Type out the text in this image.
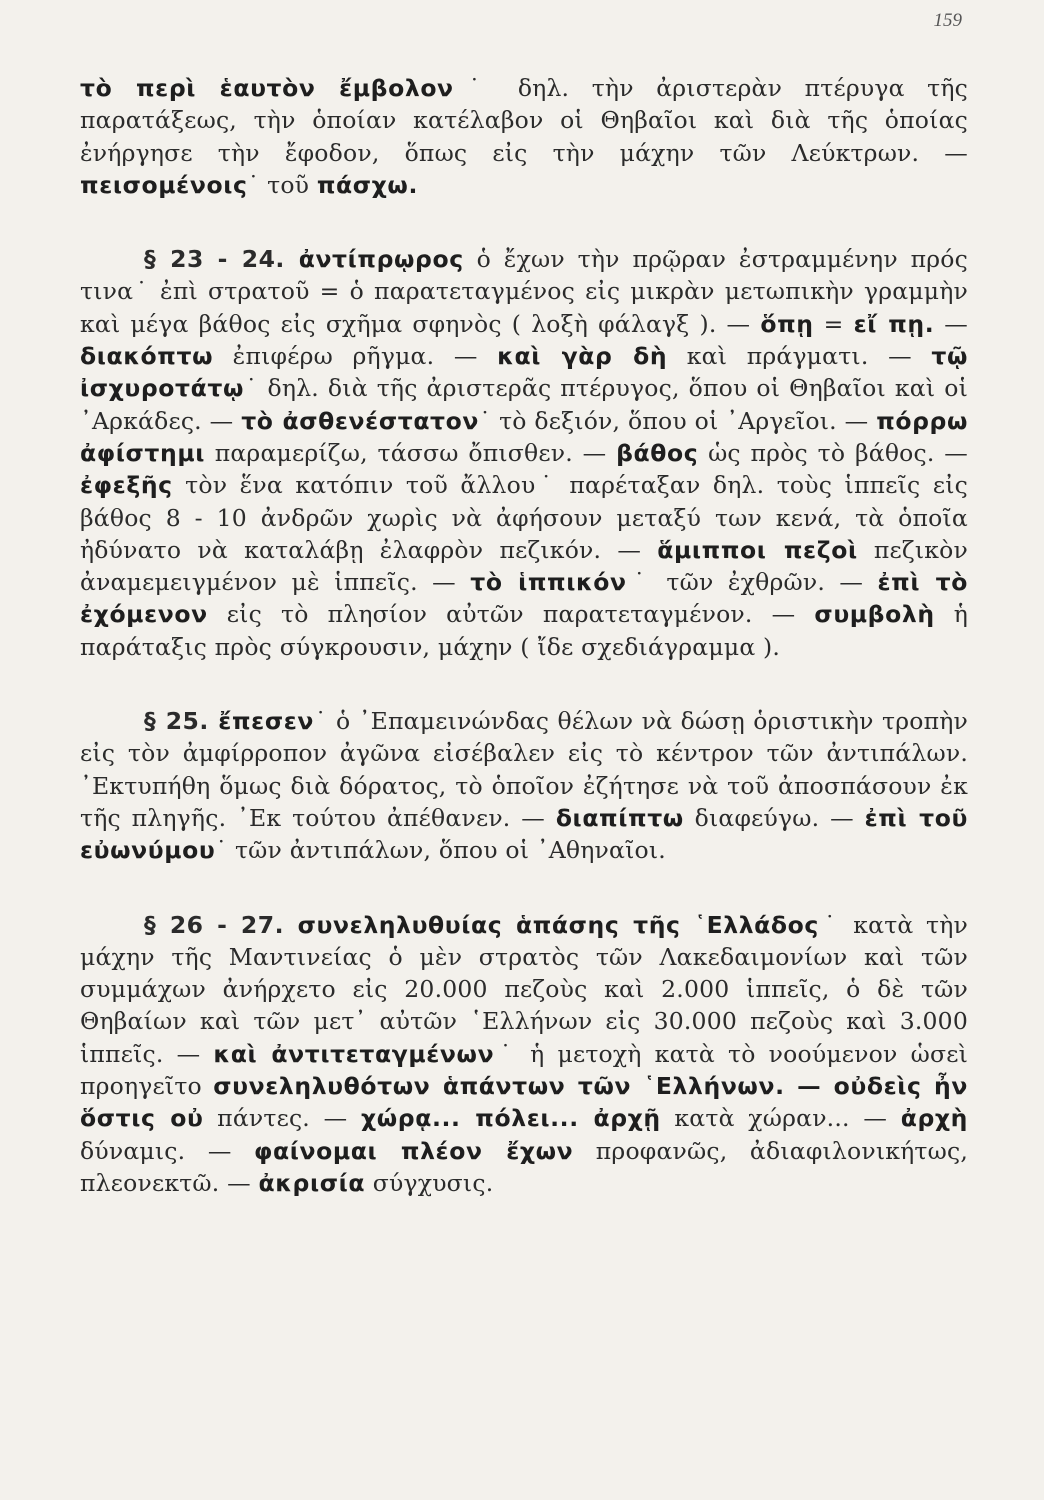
159

τὸ περὶ ἑαυτὸν ἔμβολον˙ δηλ. τὴν ἀριστερὰν πτέρυγα τῆς παρατάξεως, τὴν ὁποίαν κατέλαβον οἱ Θηβαῖοι καὶ διὰ τῆς ὁποίας ἐνήργησε τὴν ἔφοδον, ὅπως εἰς τὴν μάχην τῶν Λεύκτρων. — πεισομένοις˙ τοῦ πάσχω.

§ 23 - 24. ἀντίπρῳρος ὁ ἔχων τὴν πρῷραν ἐστραμμένην πρός τινα˙ ἐπὶ στρατοῦ = ὁ παρατεταγμένος εἰς μικρὰν μετωπικὴν γραμμὴν καὶ μέγα βάθος εἰς σχῆμα σφηνὸς ( λοξὴ φάλαγξ ). — ὅπῃ = εἴ πῃ. — διακόπτω ἐπιφέρω ρῆγμα. — καὶ γὰρ δὴ καὶ πράγματι. — τῷ ἰσχυροτάτῳ˙ δηλ. διὰ τῆς ἀριστερᾶς πτέρυγος, ὅπου οἱ Θηβαῖοι καὶ οἱ ᾿Αρκάδες. — τὸ ἀσθενέστατον˙ τὸ δεξιόν, ὅπου οἱ ᾿Αργεῖοι. — πόρρω ἀφίστημι παραμερίζω, τάσσω ὄπισθεν. — βάθος ὡς πρὸς τὸ βάθος. — ἐφεξῆς τὸν ἕνα κατόπιν τοῦ ἄλλου˙ παρέταξαν δηλ. τοὺς ἱππεῖς εἰς βάθος 8 - 10 ἀνδρῶν χωρὶς νὰ ἀφήσουν μεταξύ των κενά, τὰ ὁποῖα ἠδύνατο νὰ καταλάβῃ ἐλαφρὸν πεζικόν. — ἅμιπποι πεζοὶ πεζικὸν ἀναμεμειγμένον μὲ ἱππεῖς. — τὸ ἱππικόν˙ τῶν ἐχθρῶν. — ἐπὶ τὸ ἐχόμενον εἰς τὸ πλησίον αὐτῶν παρατεταγμένον. — συμβολὴ ἡ παράταξις πρὸς σύγκρουσιν, μάχην ( ἴδε σχεδιάγραμμα ).

§ 25. ἔπεσεν˙ ὁ ᾿Επαμεινώνδας θέλων νὰ δώσῃ ὁριστικὴν τροπὴν εἰς τὸν ἀμφίρροπον ἀγῶνα εἰσέβαλεν εἰς τὸ κέντρον τῶν ἀντιπάλων. ᾿Εκτυπήθη ὅμως διὰ δόρατος, τὸ ὁποῖον ἐζήτησε νὰ τοῦ ἀποσπάσουν ἐκ τῆς πληγῆς. ᾿Εκ τούτου ἀπέθανεν. — διαπίπτω διαφεύγω. — ἐπὶ τοῦ εὐωνύμου˙ τῶν ἀντιπάλων, ὅπου οἱ ᾿Αθηναῖοι.

§ 26 - 27. συνεληλυθυίας ἁπάσης τῆς ῾Ελλάδος˙ κατὰ τὴν μάχην τῆς Μαντινείας ὁ μὲν στρατὸς τῶν Λακεδαιμονίων καὶ τῶν συμμάχων ἀνήρχετο εἰς 20.000 πεζοὺς καὶ 2.000 ἱππεῖς, ὁ δὲ τῶν Θηβαίων καὶ τῶν μετ᾿ αὐτῶν ῾Ελλήνων εἰς 30.000 πεζοὺς καὶ 3.000 ἱππεῖς. — καὶ ἀντιτεταγμένων˙ ἡ μετοχὴ κατὰ τὸ νοούμενον ὡσεὶ προηγεῖτο συνεληλυθότων ἁπάντων τῶν ῾Ελλήνων. — οὐδεὶς ἦν ὅστις οὐ πάντες. — χώρᾳ... πόλει... ἀρχῇ κατὰ χώραν... — ἀρχὴ δύναμις. — φαίνομαι πλέον ἔχων προφανῶς, ἀδιαφιλονικήτως, πλεονεκτῶ. — ἀκρισία σύγχυσις.
